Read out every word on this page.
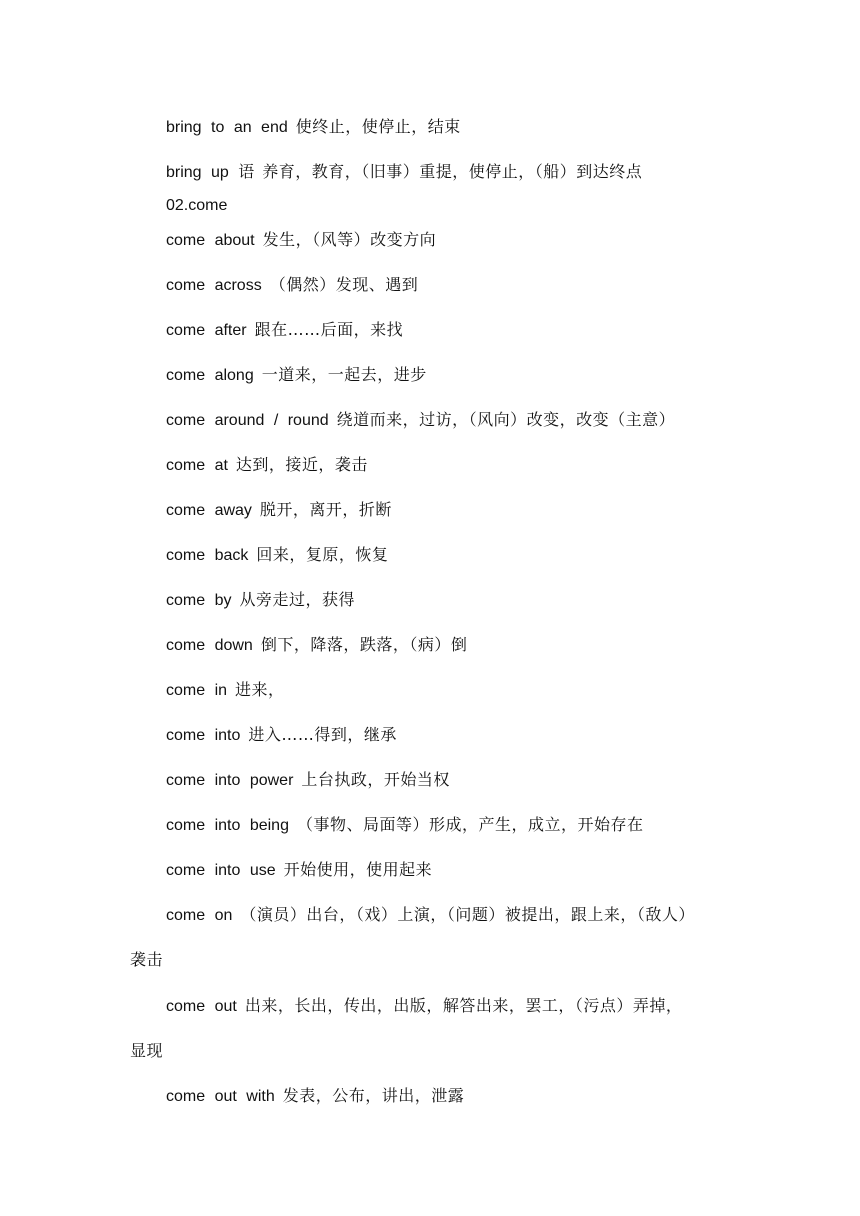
bring to an end 使终止，使停止，结束
bring up 语 养育，教育，（旧事）重提，使停止，（船）到达终点
02.come
come about 发生，（风等）改变方向
come across （偶然）发现、遇到
come after 跟在……后面，来找
come along 一道来，一起去，进步
come around / round 绕道而来，过访，（风向）改变，改变（主意）
come at 达到，接近，袭击
come away 脱开，离开，折断
come back 回来，复原，恢复
come by 从旁走过，获得
come down 倒下，降落，跌落，（病）倒
come in 进来，
come into 进入……得到，继承
come into power 上台执政，开始当权
come into being （事物、局面等）形成，产生，成立，开始存在
come into use 开始使用，使用起来
come on （演员）出台，（戏）上演，（问题）被提出，跟上来，（敌人）
袭击
come out 出来，长出，传出，出版，解答出来，罢工，（污点）弄掉，
显现
come out with 发表，公布，讲出，泄露
